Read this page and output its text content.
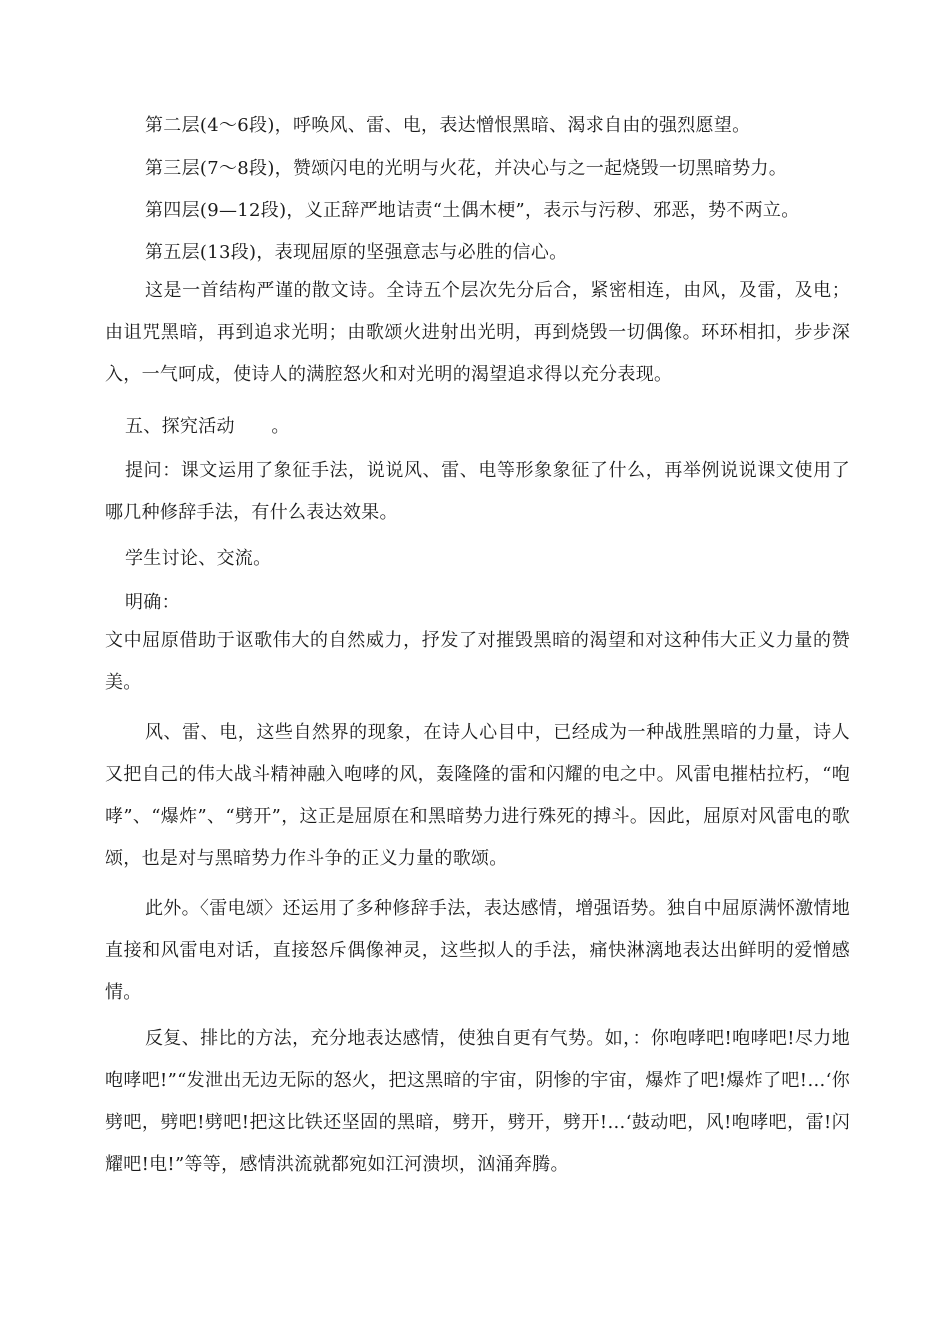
第二层(4～6段)，呼唤风、雷、电，表达憎恨黑暗、渴求自由的强烈愿望。

第三层(7～8段)，赞颂闪电的光明与火花，并决心与之一起烧毁一切黑暗势力。

第四层(9—12段)，义正辞严地诘责“土偶木梗”，表示与污秽、邪恶，势不两立。

第五层(13段)，表现屈原的坚强意志与必胜的信心。

这是一首结构严谨的散文诗。全诗五个层次先分后合，紧密相连，由风，及雷，及电；由诅咒黑暗，再到追求光明；由歌颂火进射出光明，再到烧毁一切偶像。环环相扣，步步深入，一气呵成，使诗人的满腔怒火和对光明的渴望追求得以充分表现。

五、探究活动　　。

提问：课文运用了象征手法，说说风、雷、电等形象象征了什么，再举例说说课文使用了哪几种修辞手法，有什么表达效果。

学生讨论、交流。

明确：

文中屈原借助于讴歌伟大的自然威力，抒发了对摧毁黑暗的渴望和对这种伟大正义力量的赞美。

风、雷、电，这些自然界的现象，在诗人心目中，已经成为一种战胜黑暗的力量，诗人又把自己的伟大战斗精神融入咆哮的风，轰隆隆的雷和闪耀的电之中。风雷电摧枯拉朽，“咆哮”、“爆炸”、“劈开”，这正是屈原在和黑暗势力进行殊死的搏斗。因此，屈原对风雷电的歌颂，也是对与黑暗势力作斗争的正义力量的歌颂。

此外。〈雷电颂〉还运用了多种修辞手法，表达感情，增强语势。独自中屈原满怀激情地直接和风雷电对话，直接怒斥偶像神灵，这些拟人的手法，痛快淋漓地表达出鲜明的爱憎感情。

反复、排比的方法，充分地表达感情，使独自更有气势。如，：你咆哮吧!咆哮吧!尽力地咆哮吧!”“发泄出无边无际的怒火，把这黑暗的宇宙，阴惨的宇宙，爆炸了吧!爆炸了吧!…‘你劈吧，劈吧!劈吧!把这比铁还坚固的黑暗，劈开，劈开，劈开!…‘鼓动吧，风!咆哮吧，雷!闪耀吧!电!”等等，感情洪流就都宛如江河溃坝，汹涌奔腾。
